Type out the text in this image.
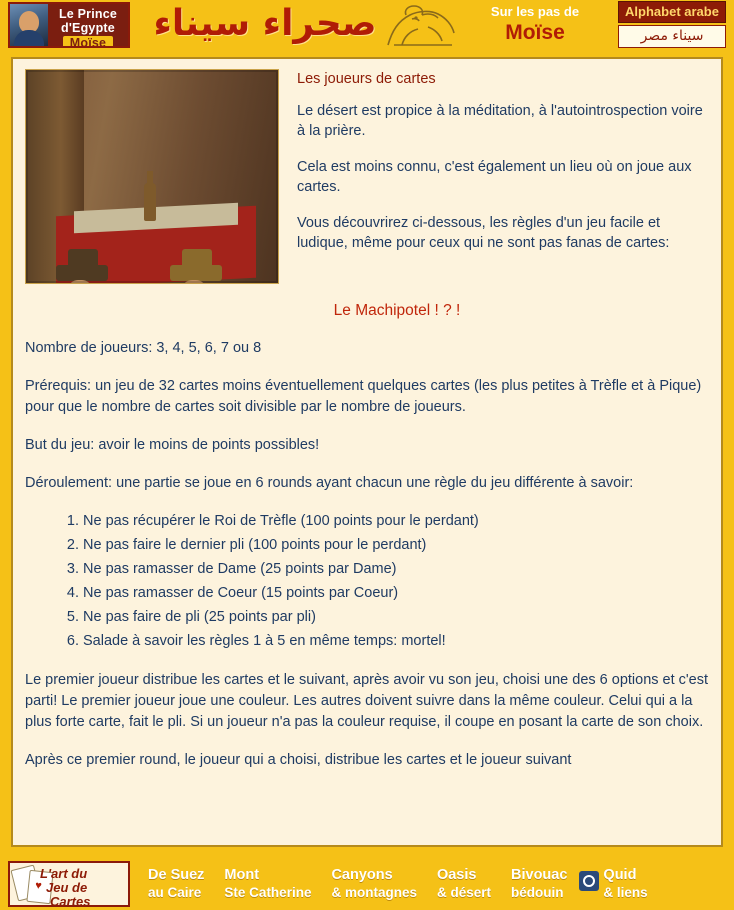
Le Prince
d'Egypte Moïse	صحراء سيناء	Sur les pas de
Moïse
Alphabet arabe
سيناء مصر
Les joueurs de cartes

Le désert est propice à la méditation, à l'autointrospection voire à la prière.

Cela est moins connu, c'est également un lieu où on joue aux cartes.

Vous découvrirez ci-dessous, les règles d'un jeu facile et ludique, même pour ceux qui ne sont pas fanas de cartes:

Le Machipotel ! ? !

Nombre de joueurs: 3, 4, 5, 6, 7 ou 8

Prérequis: un jeu de 32 cartes moins éventuellement quelques cartes (les plus petites à Trèfle et à Pique) pour que le nombre de cartes soit divisible par le nombre de joueurs.

But du jeu: avoir le moins de points possibles!

Déroulement: une partie se joue en 6 rounds ayant chacun une règle du jeu différente à savoir:

1. Ne pas récupérer le Roi de Trèfle (100 points pour le perdant)
2. Ne pas faire le dernier pli (100 points pour le perdant)
3. Ne pas ramasser de Dame (25 points par Dame)
4. Ne pas ramasser de Coeur (15 points par Coeur)
5. Ne pas faire de pli (25 points par pli)
6. Salade à savoir les règles 1 à 5 en même temps: mortel!

Le premier joueur distribue les cartes et le suivant, après avoir vu son jeu, choisi une des 6 options et c'est parti! Le premier joueur joue une couleur. Les autres doivent suivre dans la même couleur. Celui qui a la plus forte carte, fait le pli. Si un joueur n'a pas la couleur requise, il coupe en posant la carte de son choix.

Après ce premier round, le joueur qui a choisi, distribue les cartes et le joueur suivant

♥
L'art du
Jeu de
Cartes
De Suez
au Caire
Mont
Ste Catherine
Canyons
& montagnes
Oasis
& désert
Bivouac
bédouin
Quid
& liens
